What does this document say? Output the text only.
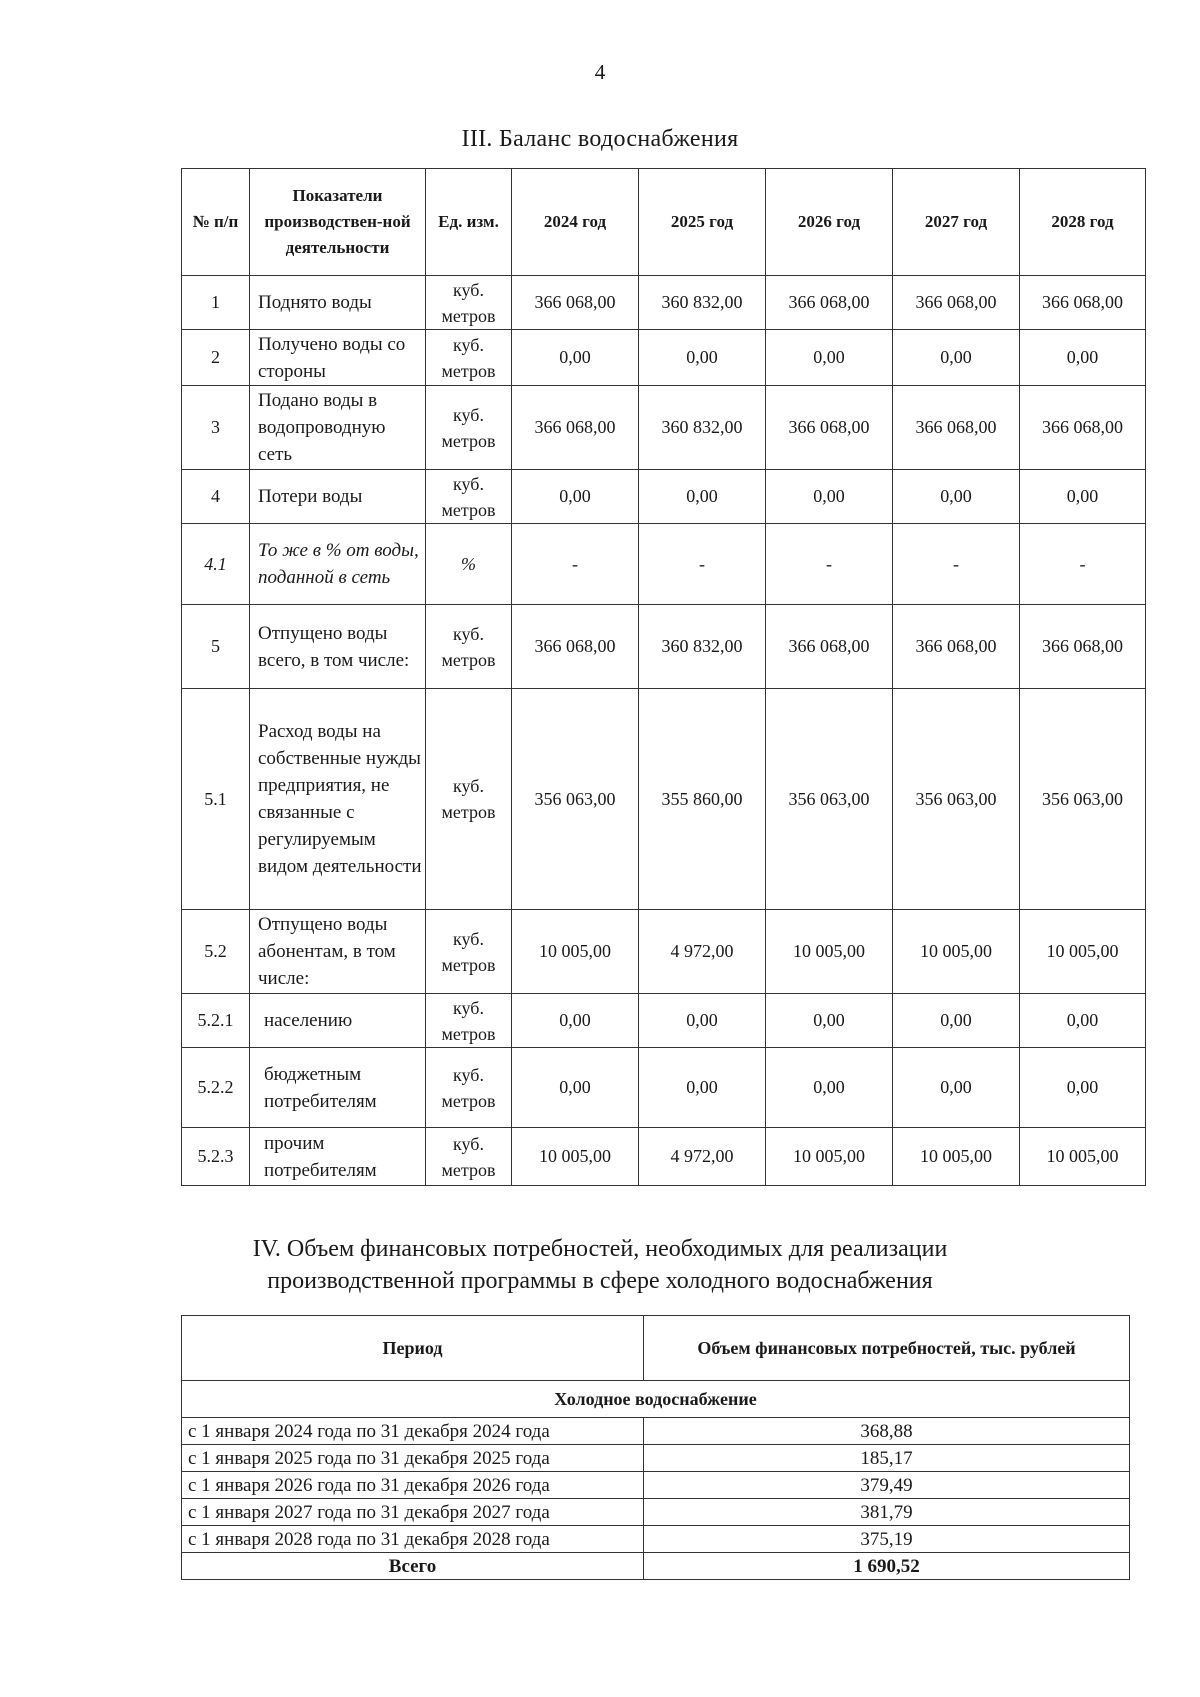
4
III. Баланс водоснабжения
№ п/п	Показатели производствен-ной деятельности	Ед. изм.	2024 год	2025 год	2026 год	2027 год	2028 год
1	Поднято воды	куб. метров	366 068,00	360 832,00	366 068,00	366 068,00	366 068,00
2	Получено воды со стороны	куб. метров	0,00	0,00	0,00	0,00	0,00
3	Подано воды в водопроводную сеть	куб. метров	366 068,00	360 832,00	366 068,00	366 068,00	366 068,00
4	Потери воды	куб. метров	0,00	0,00	0,00	0,00	0,00
4.1	То же в % от воды, поданной в сеть	%	-	-	-	-	-
5	Отпущено воды всего, в том числе:	куб. метров	366 068,00	360 832,00	366 068,00	366 068,00	366 068,00
5.1	Расход воды на собственные нужды предприятия, не связанные с регулируемым видом деятельности	куб. метров	356 063,00	355 860,00	356 063,00	356 063,00	356 063,00
5.2	Отпущено воды абонентам, в том числе:	куб. метров	10 005,00	4 972,00	10 005,00	10 005,00	10 005,00
5.2.1	населению	куб. метров	0,00	0,00	0,00	0,00	0,00
5.2.2	бюджетным потребителям	куб. метров	0,00	0,00	0,00	0,00	0,00
5.2.3	прочим потребителям	куб. метров	10 005,00	4 972,00	10 005,00	10 005,00	10 005,00
IV. Объем финансовых потребностей, необходимых для реализации
производственной программы в сфере холодного водоснабжения
Период	Объем финансовых потребностей, тыс. рублей
Холодное водоснабжение	
с 1 января 2024 года по 31 декабря 2024 года	368,88
с 1 января 2025 года по 31 декабря 2025 года	185,17
с 1 января 2026 года по 31 декабря 2026 года	379,49
с 1 января 2027 года по 31 декабря 2027 года	381,79
с 1 января 2028 года по 31 декабря 2028 года	375,19
Всего	1 690,52
